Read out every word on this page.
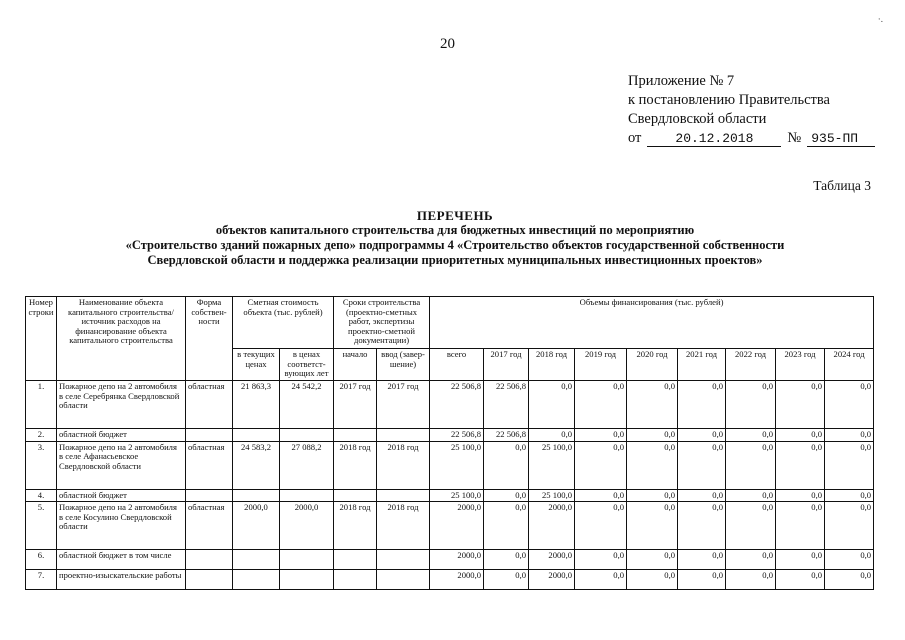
·.
20
Приложение № 7
к постановлению Правительства
Свердловской области
от	20.12.2018	№ 935-ПП
Таблица 3
ПЕРЕЧЕНЬ
объектов капитального строительства для бюджетных инвестиций по мероприятию
«Строительство зданий пожарных депо» подпрограммы 4 «Строительство объектов государственной собственности
Свердловской области и поддержка реализации приоритетных муниципальных инвестиционных проектов»
Номер строки	Наименование объекта капитального строительства/ источник расходов на финансирование объекта капитального строительства	Форма собствен- ности	Сметная стоимость объекта (тыс. рублей)		Сроки строительства (проектно-сметных работ, экспертизы проектно-сметной документации)		Объемы финансирования (тыс. рублей)								
			в текущих ценах	в ценах соответст- вующих лет	начало	ввод (завер- шение)	всего	2017 год	2018 год	2019 год	2020 год	2021 год	2022 год	2023 год	2024 год
1.	Пожарное депо на 2 автомобиля в селе Серебрянка Свердловской области	областная	21 863,3	24 542,2	2017 год	2017 год	22 506,8	22 506,8	0,0	0,0	0,0	0,0	0,0	0,0	0,0
2.	областной бюджет						22 506,8	22 506,8	0,0	0,0	0,0	0,0	0,0	0,0	0,0
3.	Пожарное депо на 2 автомобиля в селе Афанасьевское Свердловской области	областная	24 583,2	27 088,2	2018 год	2018 год	25 100,0	0,0	25 100,0	0,0	0,0	0,0	0,0	0,0	0,0
4.	областной бюджет						25 100,0	0,0	25 100,0	0,0	0,0	0,0	0,0	0,0	0,0
5.	Пожарное депо на 2 автомобиля в селе Косулино Свердловской области	областная	2000,0	2000,0	2018 год	2018 год	2000,0	0,0	2000,0	0,0	0,0	0,0	0,0	0,0	0,0
6.	областной бюджет в том числе						2000,0	0,0	2000,0	0,0	0,0	0,0	0,0	0,0	0,0
7.	проектно-изыскательские работы						2000,0	0,0	2000,0	0,0	0,0	0,0	0,0	0,0	0,0
